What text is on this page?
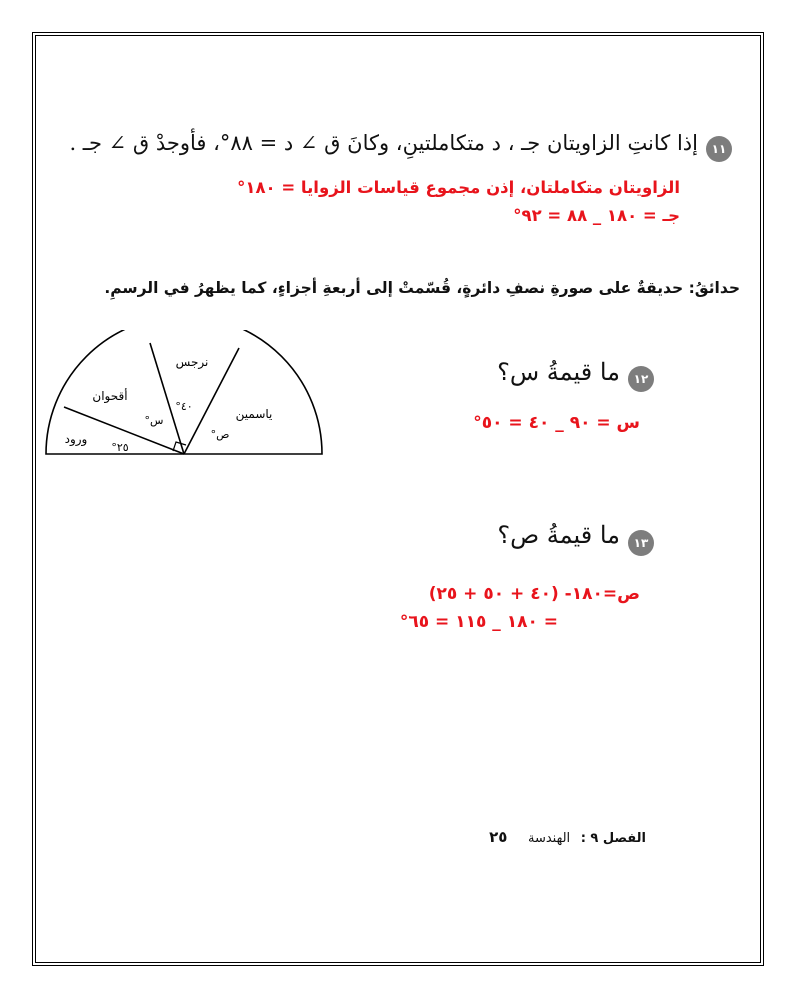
١١
إذا كانتِ الزاويتان جـ ، د متكاملتينِ، وكانَ ق ∠ د = ٨٨°، فأوجدْ ق ∠ جـ .
الزاويتان متكاملتان، إذن مجموع قياسات الزوايا = ١٨٠°
جـ = ١٨٠ _ ٨٨ = ٩٢°
حدائقُ: حديقةٌ على صورةِ نصفِ دائرةٍ، قُسّمتْ إلى أربعةِ أجزاءٍ، كما يظهرُ في الرسمِ.
نرجس
أقحوان
ياسمين
ورود
٤٠°
س°
ص°
٢٥°
١٢
ما قيمةُ س؟
س = ٩٠ _ ٤٠ = ٥٠°
١٣
ما قيمةُ ص؟
ص=١٨٠- (٤٠ + ٥٠ + ٢٥)
= ١٨٠ _ ١١٥ = ٦٥°
الفصل ٩ : الهندسة ٢٥
